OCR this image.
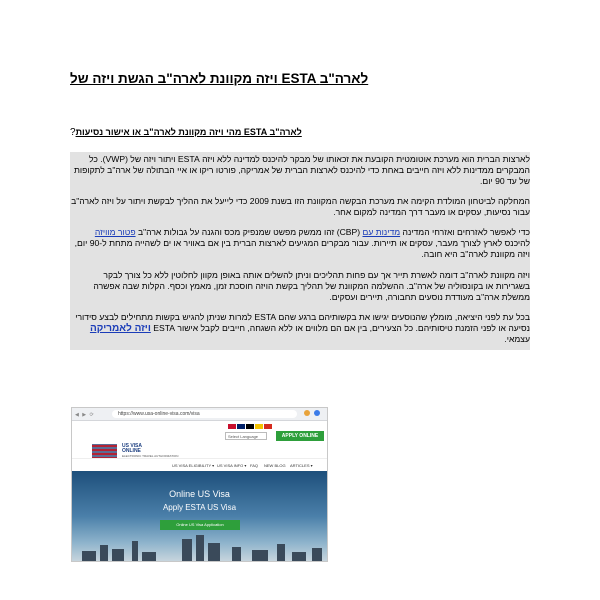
ויזה מקוונת לארה"ב הגשת ויזה של ESTA לארה"ב

?מהי ויזה מקוונת לארה"ב או אישור נסיעות ESTA לארה"ב

לארצות הברית הוא מערכת אוטומטית הקובעת את זכאותו של מבקר להיכנס למדינה ללא ויזה ESTA ויתור ויזה של (VWP). כל המבקרים ממדינות ללא ויזה חייבים באחת כדי להיכנס לארצות הברית של אמריקה, פורטו ריקו או איי הבתולה של ארה"ב לתקופות של עד 90 יום.

המחלקה לביטחון המולדת הקימה את מערכת הבקשה המקוונת הזו בשנת 2009 כדי לייעל את ההליך לבקשת ויתור על ויזה לארה"ב עבור נסיעות, עסקים או מעבר דרך המדינה למקום אחר.

כדי לאפשר לאזרחים ואזרחי המדינה מדינות עם (CBP) זהו ממשק מפשט שמנפיק מכס והגנה על גבולות ארה"ב פטור מוויזה להיכנס לארץ לצורך מעבר, עסקים או תיירות. עבור מבקרים המגיעים לארצות הברית בין אם באוויר או ים לשהייה מתחת ל-90 יום, ויזה מקוונת לארה"ב היא חובה.

ויזה מקוונת לארה"ב דומה לאשרת תייר אך עם פחות תהליכים וניתן להשלים אותה באופן מקוון לחלוטין ללא כל צורך לבקר בשגרירות או בקונסוליה של ארה"ב. ההשלמה המקוונת של תהליך בקשת הויזה חוסכת זמן, מאמץ וכסף. הקלות שבה אפשרה ממשלת ארה"ב מעודדת נוסעים תחבורה, תיירים ועסקים.

בכל עת לפני היציאה, מומלץ שהנוסעים יגישו את בקשותיהם ברגע שהם ESTA למרות שניתן להגיש בקשות מתחילים לבצע סידורי נסיעה או לפני הזמנת טיסותיהם. כל הצעירים, בין אם הם מלווים או ללא השגחה, חייבים לקבל אישור ESTA ויזה לאמריקה עצמאי.

◀ ▶ ⟳	https://www.usa-online-visa.com/visa
Select Language	APPLY ONLINE
US VISA
ONLINE
ELECTRONIC TRAVEL AUTHORIZATION
US VISA ELIGIBILITY ▾ US VISA INFO ▾ FAQ NEW BLOG ARTICLES ▾
Online US Visa
Apply ESTA US Visa
Online US Visa Application
